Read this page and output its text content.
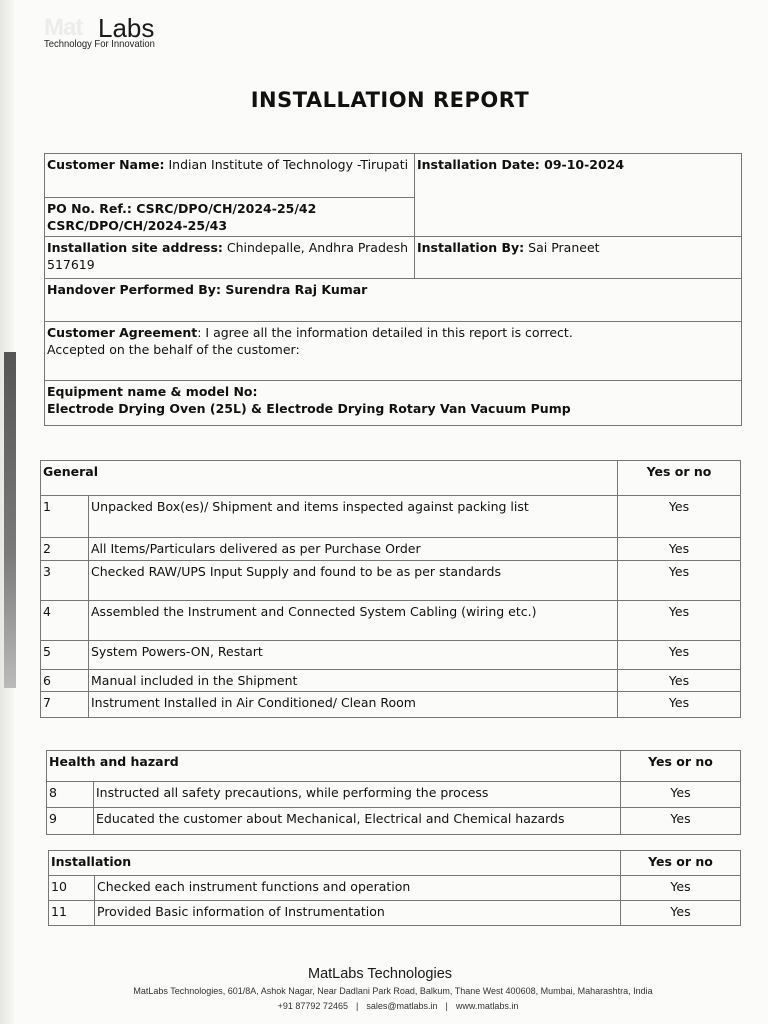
Mat Labs
Technology For Innovation
INSTALLATION REPORT
Customer Name: Indian Institute of Technology -Tirupati	Installation Date: 09-10-2024
PO No. Ref.: CSRC/DPO/CH/2024-25/42
CSRC/DPO/CH/2024-25/43	
Installation site address: Chindepalle, Andhra Pradesh
517619	Installation By: Sai Praneet
Handover Performed By: Surendra Raj Kumar	
Customer Agreement: I agree all the information detailed in this report is correct.
Accepted on the behalf of the customer:	
Equipment name & model No:
Electrode Drying Oven (25L) & Electrode Drying Rotary Van Vacuum Pump	
General		Yes or no
1	Unpacked Box(es)/ Shipment and items inspected against packing list	Yes
2	All Items/Particulars delivered as per Purchase Order	Yes
3	Checked RAW/UPS Input Supply and found to be as per standards	Yes
4	Assembled the Instrument and Connected System Cabling (wiring etc.)	Yes
5	System Powers-ON, Restart	Yes
6	Manual included in the Shipment	Yes
7	Instrument Installed in Air Conditioned/ Clean Room	Yes
Health and hazard		Yes or no
8	Instructed all safety precautions, while performing the process	Yes
9	Educated the customer about Mechanical, Electrical and Chemical hazards	Yes
Installation		Yes or no
10	Checked each instrument functions and operation	Yes
11	Provided Basic information of Instrumentation	Yes
MatLabs Technologies
MatLabs Technologies, 601/8A, Ashok Nagar, Near Dadlani Park Road, Balkum, Thane West 400608, Mumbai, Maharashtra, India
+91 87792 72465 | sales@matlabs.in | www.matlabs.in
